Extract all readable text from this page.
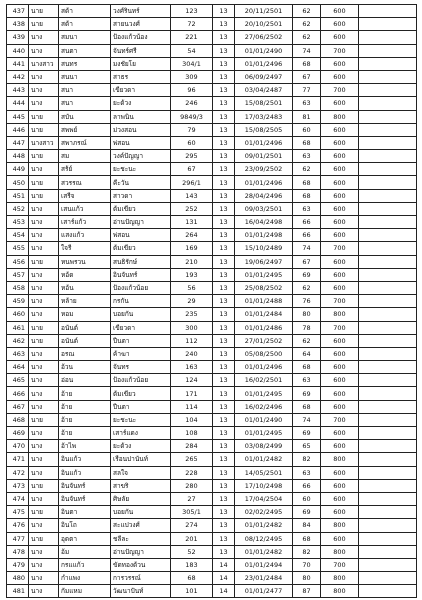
437	นาย	สด้า	วงศ์รินทร์	123	13	20/11/2501	62	600	
438	นาย	สด้า	สายนวงศ์	72	13	20/10/2501	62	600	
439	นาง	สมนา	ป้องแก้วน้อง	221	13	27/06/2502	62	600	
440	นาง	สนตา	จันทร์ศรี	54	13	01/01/2490	74	700	
441	นางสาว	สนทร	มงชัยโย	304/1	13	01/01/2496	68	600	
442	นาง	สนนา	สาธร	309	13	06/09/2497	67	600	
443	นาง	สนา	เขียวดา	96	13	03/04/2487	77	700	
444	นาง	สนา	ยะด้วง	246	13	15/08/2501	63	600	
445	นาย	สบัน	ลาพนิน	9849/3	13	17/03/2483	81	800	
446	นาย	สพพย์	ม่วงสอน	79	13	15/08/2505	60	600	
447	นางสาว	สพาภรณ์	พ่สอน	60	13	01/01/2496	68	600	
448	นาย	สม	วงค์ปัญญา	295	13	09/01/2501	63	600	
449	นาง	สร้ย์	ยะชะนะ	67	13	23/09/2502	62	600	
450	นาย	สวรรณ	คีะวัน	296/1	13	01/01/2496	68	600	
451	นาย	เสรีจ	สาวดา	143	13	28/04/2496	68	600	
452	นาง	เสนแก้ว	ต้มเขียว	252	13	09/03/2501	63	600	
453	นาง	เสาร์แก้ว	อ่านปัญญา	131	13	16/04/2498	66	600	
454	นาง	แสงแก้ว	พ่สอน	264	13	01/01/2498	66	600	
455	นาง	ใจรี	ต้มเขียว	169	13	15/10/2489	74	700	
456	นาย	หนพรวน	สนธิรักษ์	210	13	19/06/2497	67	600	
457	นาง	หอ้ด	อินจันทร์	193	13	01/01/2495	69	600	
458	นาง	หอ้น	ป้องแก้วน้อย	56	13	25/08/2502	62	600	
459	นาง	หล้าย	กรกัน	29	13	01/01/2488	76	700	
460	นาง	หอม	บอยกัน	235	13	01/01/2484	80	800	
461	นาย	อนันต์	เขียวดา	300	13	01/01/2486	78	700	
462	นาย	อนันต์	ปีนตา	112	13	27/01/2502	62	600	
463	นาง	อรณ	ค้าฆา	240	13	05/08/2500	64	600	
464	นาง	อ้วน	จันทร	163	13	01/01/2496	68	600	
465	นาง	อ่อน	ป้องแก้วน้อย	124	13	16/02/2501	63	600	
466	นาง	อ้าย	ต้มเขียว	171	13	01/01/2495	69	600	
467	นาง	อ้าย	ปีนตา	114	13	16/02/2496	68	600	
468	นาย	อ้าย	ยะชะนะ	104	13	01/01/2490	74	700	
469	นาง	อ้าย	เสาร์แดง	108	13	01/01/2495	69	600	
470	นาง	อ้าไพ	ยะด้วง	284	13	03/08/2499	65	600	
471	นาง	อินแก้ว	เรือนปานันท์	265	13	01/01/2482	82	800	
472	นาง	อินแก้ว	สลใจ	228	13	14/05/2501	63	600	
473	นาย	อินจันทร์	สาขริ	280	13	17/10/2498	66	600	
474	นาง	อินจันทร์	ศิษลัย	27	13	17/04/2504	60	600	
475	นาย	อินตา	บอยกัน	305/1	13	02/02/2495	69	600	
476	นาง	อินโถ	สะแปวงศ์	274	13	01/01/2482	84	800	
477	นาย	อุดตา	ชลีละ	201	13	08/12/2495	68	600	
478	นาง	อ้ม	อ่านปัญญา	52	13	01/01/2482	82	800	
479	นาง	กรแแก้ว	ขัดทองด้วน	183	14	01/01/2494	70	700	
480	นาง	กำแพง	การวรรณ์	68	14	23/01/2484	80	800	
481	นาง	กัมแหม	วัฒนาปันท์	101	14	01/01/2477	87	800	
